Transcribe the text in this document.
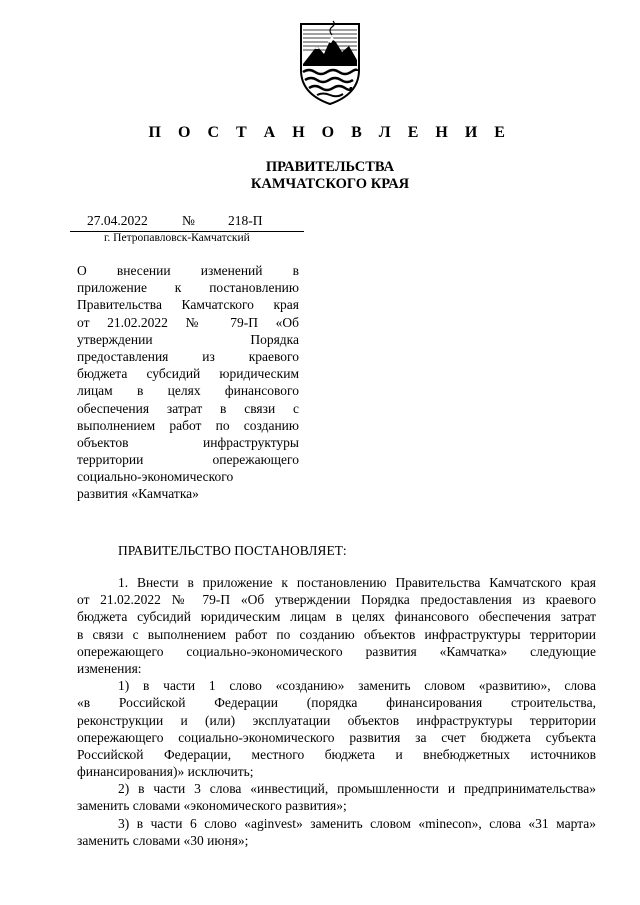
П О С Т А Н О В Л Е Н И Е
ПРАВИТЕЛЬСТВА
КАМЧАТСКОГО КРАЯ
27.04.2022	№ 218-П
г. Петропавловск-Камчатский
О внесении изменений в
приложение к постановлению
Правительства Камчатского края
от 21.02.2022 № 79-П «Об
утверждении Порядка
предоставления из краевого
бюджета субсидий юридическим
лицам в целях финансового
обеспечения затрат в связи с
выполнением работ по созданию
объектов инфраструктуры
территории опережающего
социально-экономического
развития «Камчатка»
ПРАВИТЕЛЬСТВО ПОСТАНОВЛЯЕТ:
1. Внести в приложение к постановлению Правительства Камчатского края
от 21.02.2022 № 79-П «Об утверждении Порядка предоставления из краевого
бюджета субсидий юридическим лицам в целях финансового обеспечения затрат
в связи с выполнением работ по созданию объектов инфраструктуры территории
опережающего социально-экономического развития «Камчатка» следующие
изменения:
1) в части 1 слово «созданию» заменить словом «развитию», слова
«в Российской Федерации (порядка финансирования строительства,
реконструкции и (или) эксплуатации объектов инфраструктуры территории
опережающего социально-экономического развития за счет бюджета субъекта
Российской Федерации, местного бюджета и внебюджетных источников
финансирования)» исключить;
2) в части 3 слова «инвестиций, промышленности и предпринимательства»
заменить словами «экономического развития»;
3) в части 6 слово «aginvest» заменить словом «minecon», слова «31 марта»
заменить словами «30 июня»;
